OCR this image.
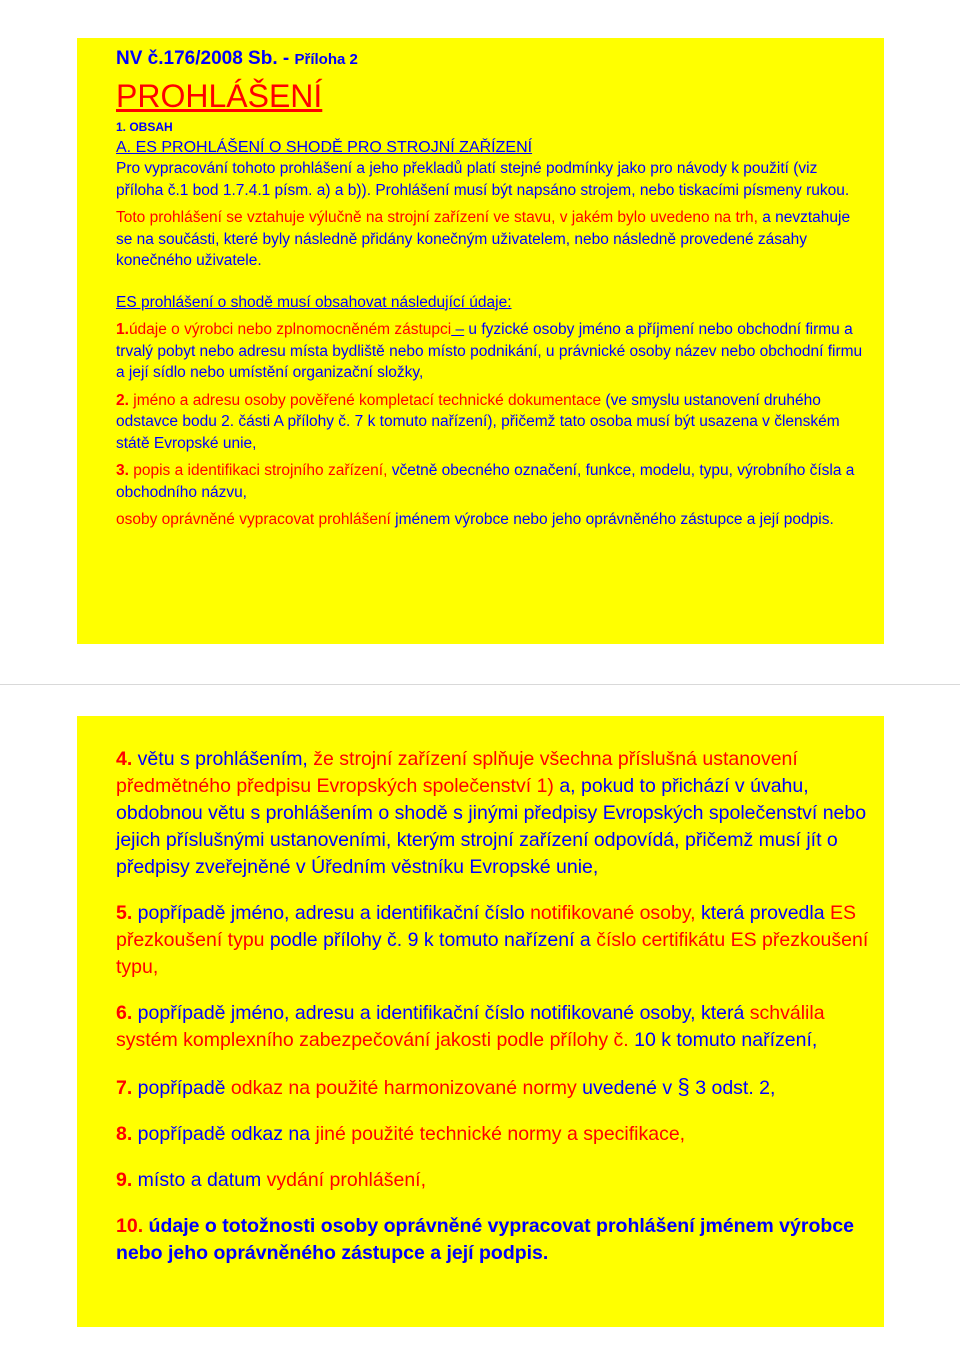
NV č.176/2008 Sb. - Příloha 2
PROHLÁŠENÍ
1. OBSAH
A. ES PROHLÁŠENÍ O SHODĚ PRO STROJNÍ ZAŘÍZENÍ
Pro vypracování tohoto prohlášení a jeho překladů platí stejné podmínky jako pro návody k použití (viz příloha č.1 bod 1.7.4.1 písm. a) a b)). Prohlášení musí být napsáno strojem, nebo tiskacími písmeny rukou.
Toto prohlášení se vztahuje výlučně na strojní zařízení ve stavu, v jakém bylo uvedeno na trh, a nevztahuje se na součásti, které byly následně přidány konečným uživatelem, nebo následně provedené zásahy konečného uživatele.
ES prohlášení o shodě musí obsahovat následující údaje:
1.údaje o výrobci nebo zplnomocněném zástupci – u fyzické osoby jméno a příjmení nebo obchodní firmu a trvalý pobyt nebo adresu místa bydliště nebo místo podnikání, u právnické osoby název nebo obchodní firmu a její sídlo nebo umístění organizační složky,
2. jméno a adresu osoby pověřené kompletací technické dokumentace (ve smyslu ustanovení druhého odstavce bodu 2. části A přílohy č. 7 k tomuto nařízení), přičemž tato osoba musí být usazena v členském státě Evropské unie,
3. popis a identifikaci strojního zařízení, včetně obecného označení, funkce, modelu, typu, výrobního čísla a obchodního názvu,
osoby oprávněné vypracovat prohlášení jménem výrobce nebo jeho oprávněného zástupce a její podpis.
4. větu s prohlášením, že strojní zařízení splňuje všechna příslušná ustanovení předmětného předpisu Evropských společenství 1) a, pokud to přichází v úvahu, obdobnou větu s prohlášením o shodě s jinými předpisy Evropských společenství nebo jejich příslušnými ustanoveními, kterým strojní zařízení odpovídá, přičemž musí jít o předpisy zveřejněné v Úředním věstníku Evropské unie,
5. popřípadě jméno, adresu a identifikační číslo notifikované osoby, která provedla ES přezkoušení typu podle přílohy č. 9 k tomuto nařízení a číslo certifikátu ES přezkoušení typu,
6. popřípadě jméno, adresu a identifikační číslo notifikované osoby, která schválila systém komplexního zabezpečování jakosti podle přílohy č. 10 k tomuto nařízení,
7. popřípadě odkaz na použité harmonizované normy uvedené v § 3 odst. 2,
8. popřípadě odkaz na jiné použité technické normy a specifikace,
9. místo a datum vydání prohlášení,
10. údaje o totožnosti osoby oprávněné vypracovat prohlášení jménem výrobce nebo jeho oprávněného zástupce a její podpis.
